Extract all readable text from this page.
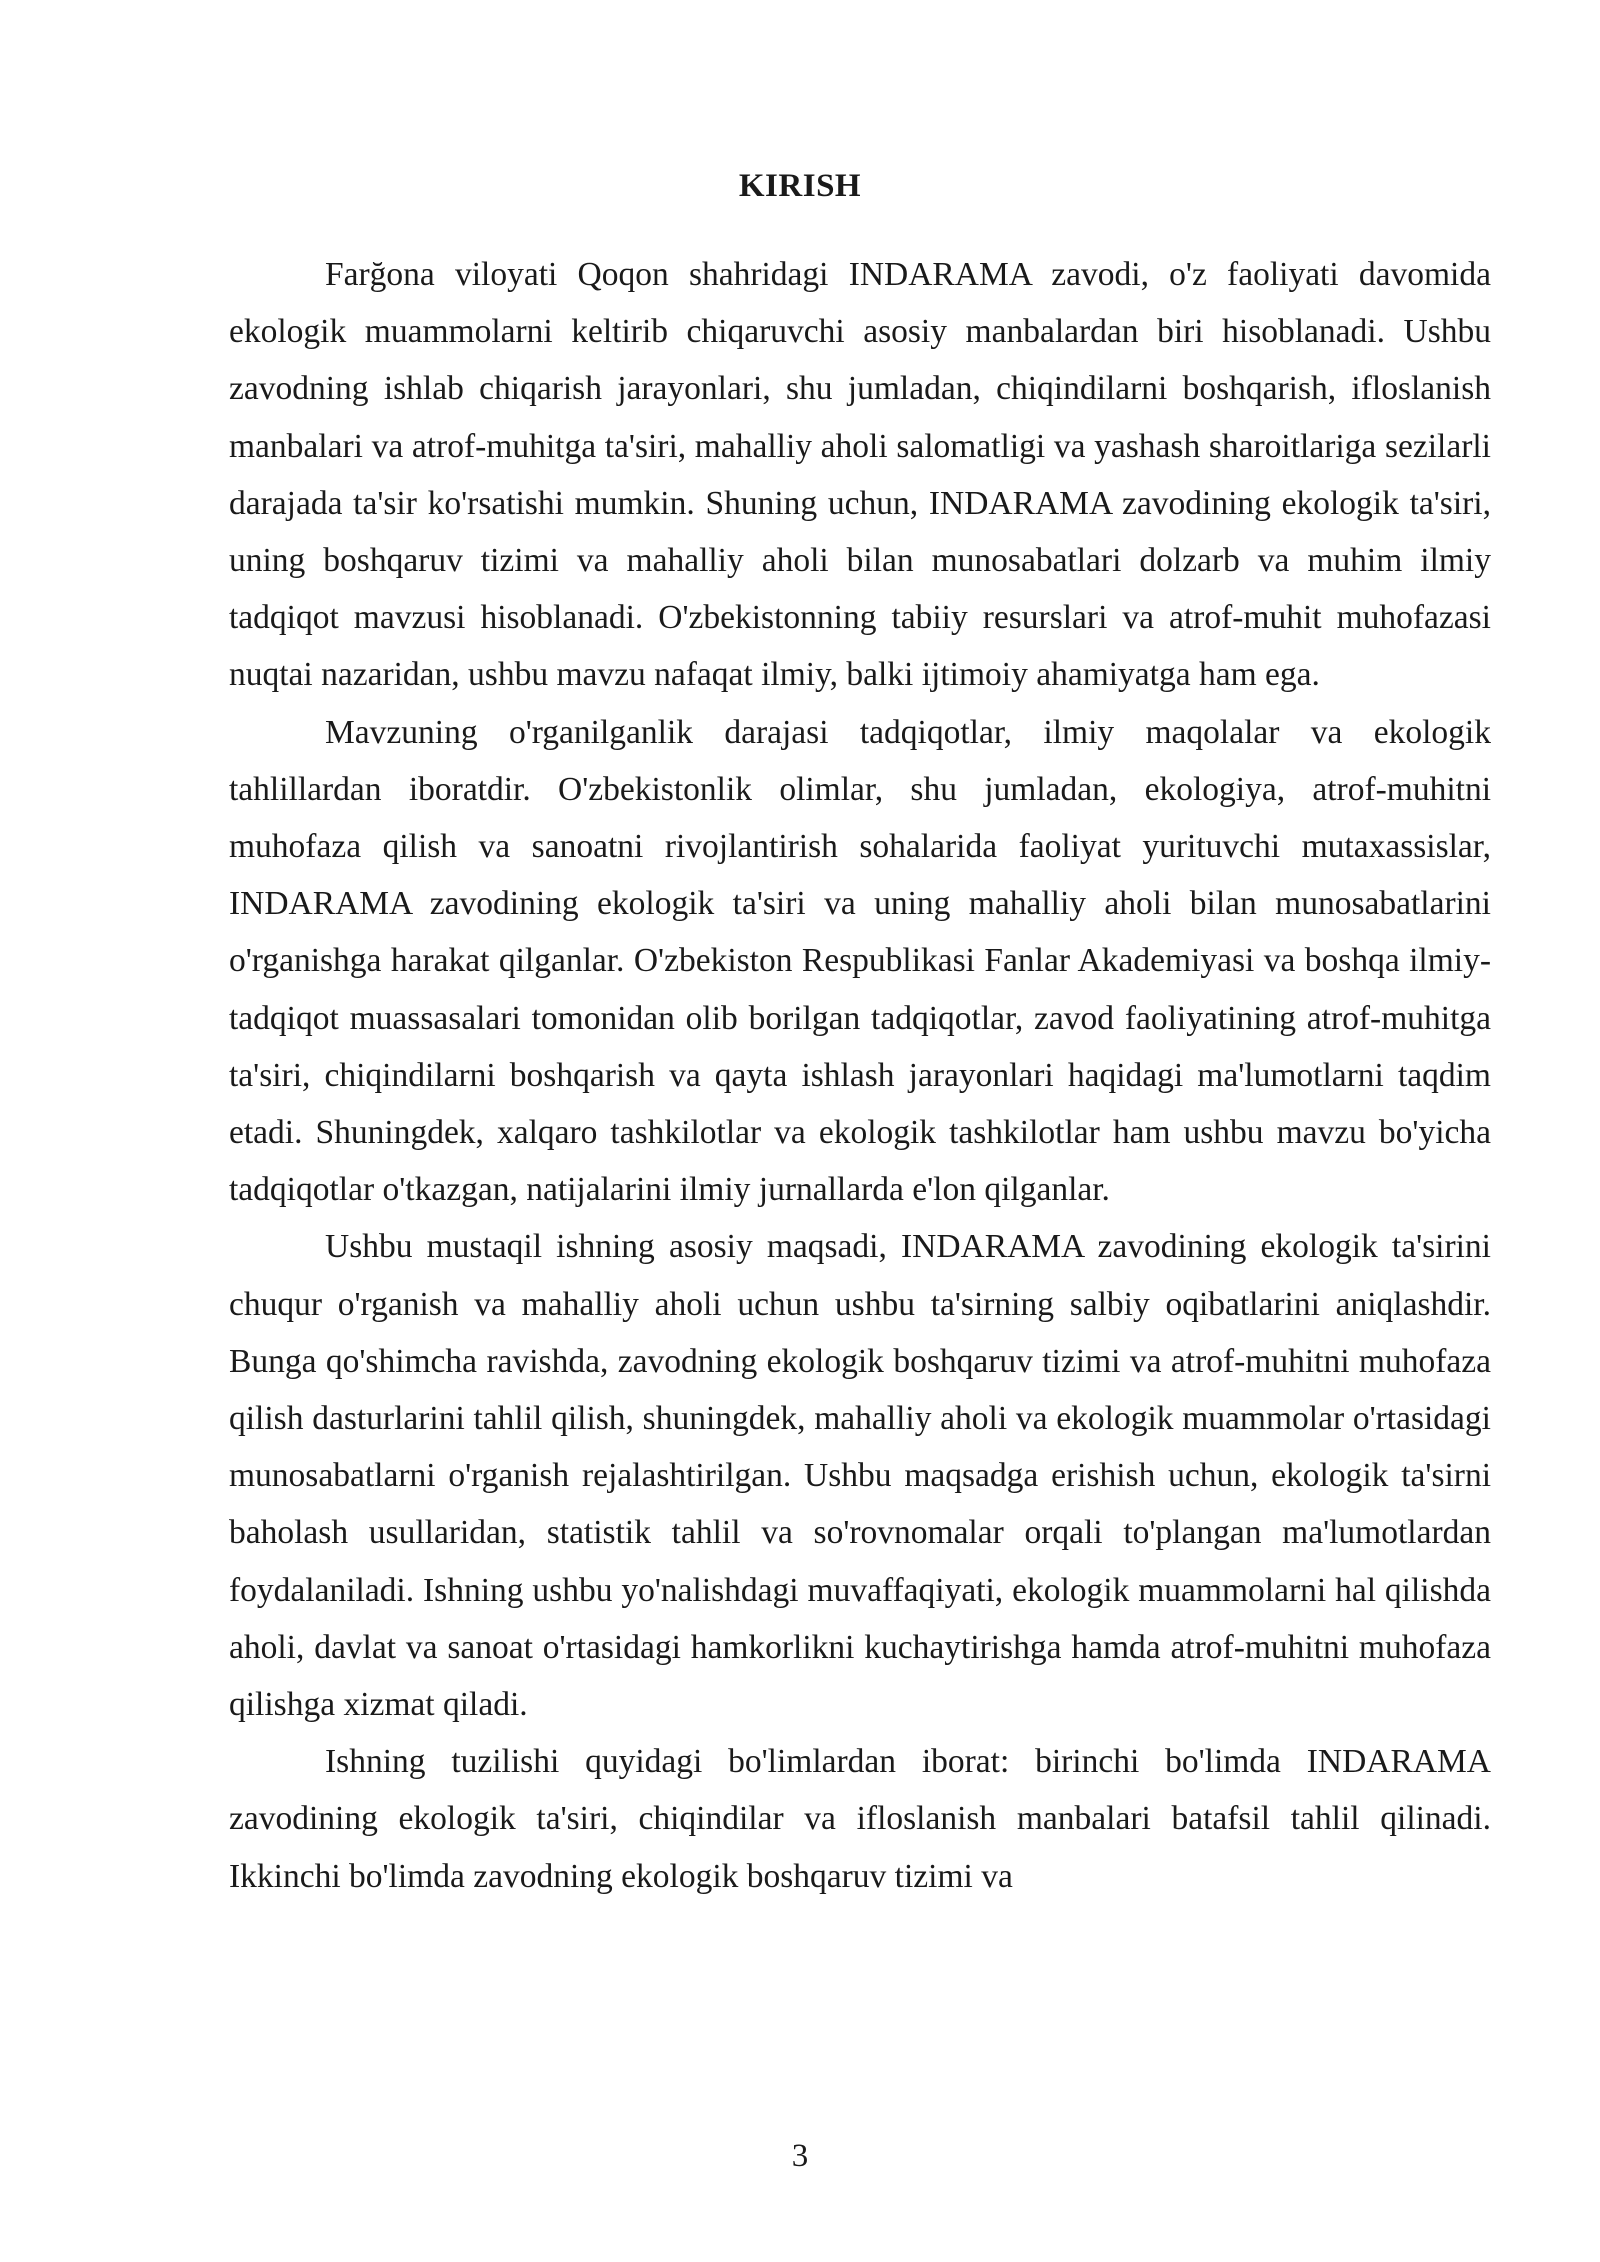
KIRISH

Farğona viloyati Qoqon shahridagi INDARAMA zavodi, o'z faoliyati davomida ekologik muammolarni keltirib chiqaruvchi asosiy manbalardan biri hisoblanadi. Ushbu zavodning ishlab chiqarish jarayonlari, shu jumladan, chiqindilarni boshqarish, ifloslanish manbalari va atrof-muhitga ta'siri, mahalliy aholi salomatligi va yashash sharoitlariga sezilarli darajada ta'sir ko'rsatishi mumkin. Shuning uchun, INDARAMA zavodining ekologik ta'siri, uning boshqaruv tizimi va mahalliy aholi bilan munosabatlari dolzarb va muhim ilmiy tadqiqot mavzusi hisoblanadi. O'zbekistonning tabiiy resurslari va atrof-muhit muhofazasi nuqtai nazaridan, ushbu mavzu nafaqat ilmiy, balki ijtimoiy ahamiyatga ham ega.

Mavzuning o'rganilganlik darajasi tadqiqotlar, ilmiy maqolalar va ekologik tahlillardan iboratdir. O'zbekistonlik olimlar, shu jumladan, ekologiya, atrof-muhitni muhofaza qilish va sanoatni rivojlantirish sohalarida faoliyat yurituvchi mutaxassislar, INDARAMA zavodining ekologik ta'siri va uning mahalliy aholi bilan munosabatlarini o'rganishga harakat qilganlar. O'zbekiston Respublikasi Fanlar Akademiyasi va boshqa ilmiy-tadqiqot muassasalari tomonidan olib borilgan tadqiqotlar, zavod faoliyatining atrof-muhitga ta'siri, chiqindilarni boshqarish va qayta ishlash jarayonlari haqidagi ma'lumotlarni taqdim etadi. Shuningdek, xalqaro tashkilotlar va ekologik tashkilotlar ham ushbu mavzu bo'yicha tadqiqotlar o'tkazgan, natijalarini ilmiy jurnallarda e'lon qilganlar.

Ushbu mustaqil ishning asosiy maqsadi, INDARAMA zavodining ekologik ta'sirini chuqur o'rganish va mahalliy aholi uchun ushbu ta'sirning salbiy oqibatlarini aniqlashdir. Bunga qo'shimcha ravishda, zavodning ekologik boshqaruv tizimi va atrof-muhitni muhofaza qilish dasturlarini tahlil qilish, shuningdek, mahalliy aholi va ekologik muammolar o'rtasidagi munosabatlarni o'rganish rejalashtirilgan. Ushbu maqsadga erishish uchun, ekologik ta'sirni baholash usullaridan, statistik tahlil va so'rovnomalar orqali to'plangan ma'lumotlardan foydalaniladi. Ishning ushbu yo'nalishdagi muvaffaqiyati, ekologik muammolarni hal qilishda aholi, davlat va sanoat o'rtasidagi hamkorlikni kuchaytirishga hamda atrof-muhitni muhofaza qilishga xizmat qiladi.

Ishning tuzilishi quyidagi bo'limlardan iborat: birinchi bo'limda INDARAMA zavodining ekologik ta'siri, chiqindilar va ifloslanish manbalari batafsil tahlil qilinadi. Ikkinchi bo'limda zavodning ekologik boshqaruv tizimi va

3
